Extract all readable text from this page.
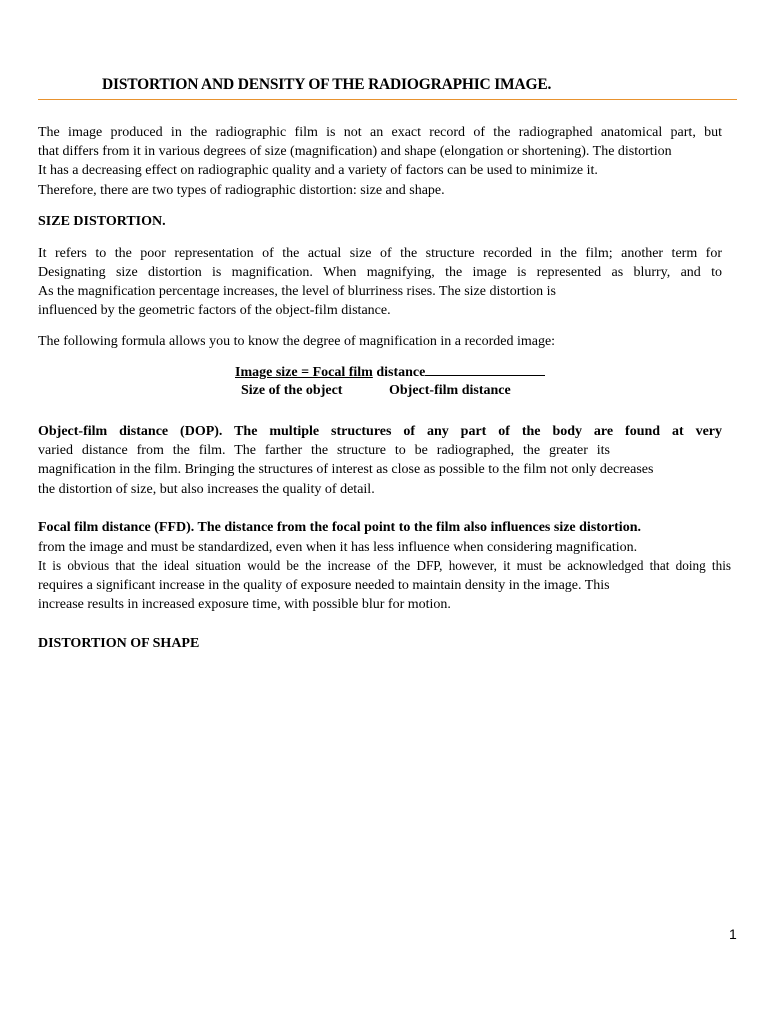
DISTORTION AND DENSITY OF THE RADIOGRAPHIC IMAGE.

The image produced in the radiographic film is not an exact record of the radiographed anatomical part, but

that differs from it in various degrees of size (magnification) and shape (elongation or shortening). The distortion

It has a decreasing effect on radiographic quality and a variety of factors can be used to minimize it.

Therefore, there are two types of radiographic distortion: size and shape.

SIZE DISTORTION.

It refers to the poor representation of the actual size of the structure recorded in the film; another term for

Designating size distortion is magnification. When magnifying, the image is represented as blurry, and to

As the magnification percentage increases, the level of blurriness rises. The size distortion is

influenced by the geometric factors of the object-film distance.

The following formula allows you to know the degree of magnification in a recorded image:

Image size = Focal film distance
Size of the object	Object-film distance

Object-film distance (DOP). The multiple structures of any part of the body are found at very

varied distance from the film. The farther the structure to be radiographed, the greater its

magnification in the film. Bringing the structures of interest as close as possible to the film not only decreases

the distortion of size, but also increases the quality of detail.

Focal film distance (FFD). The distance from the focal point to the film also influences size distortion.

from the image and must be standardized, even when it has less influence when considering magnification.

It is obvious that the ideal situation would be the increase of the DFP, however, it must be acknowledged that doing this

requires a significant increase in the quality of exposure needed to maintain density in the image. This

increase results in increased exposure time, with possible blur for motion.

DISTORTION OF SHAPE

1
